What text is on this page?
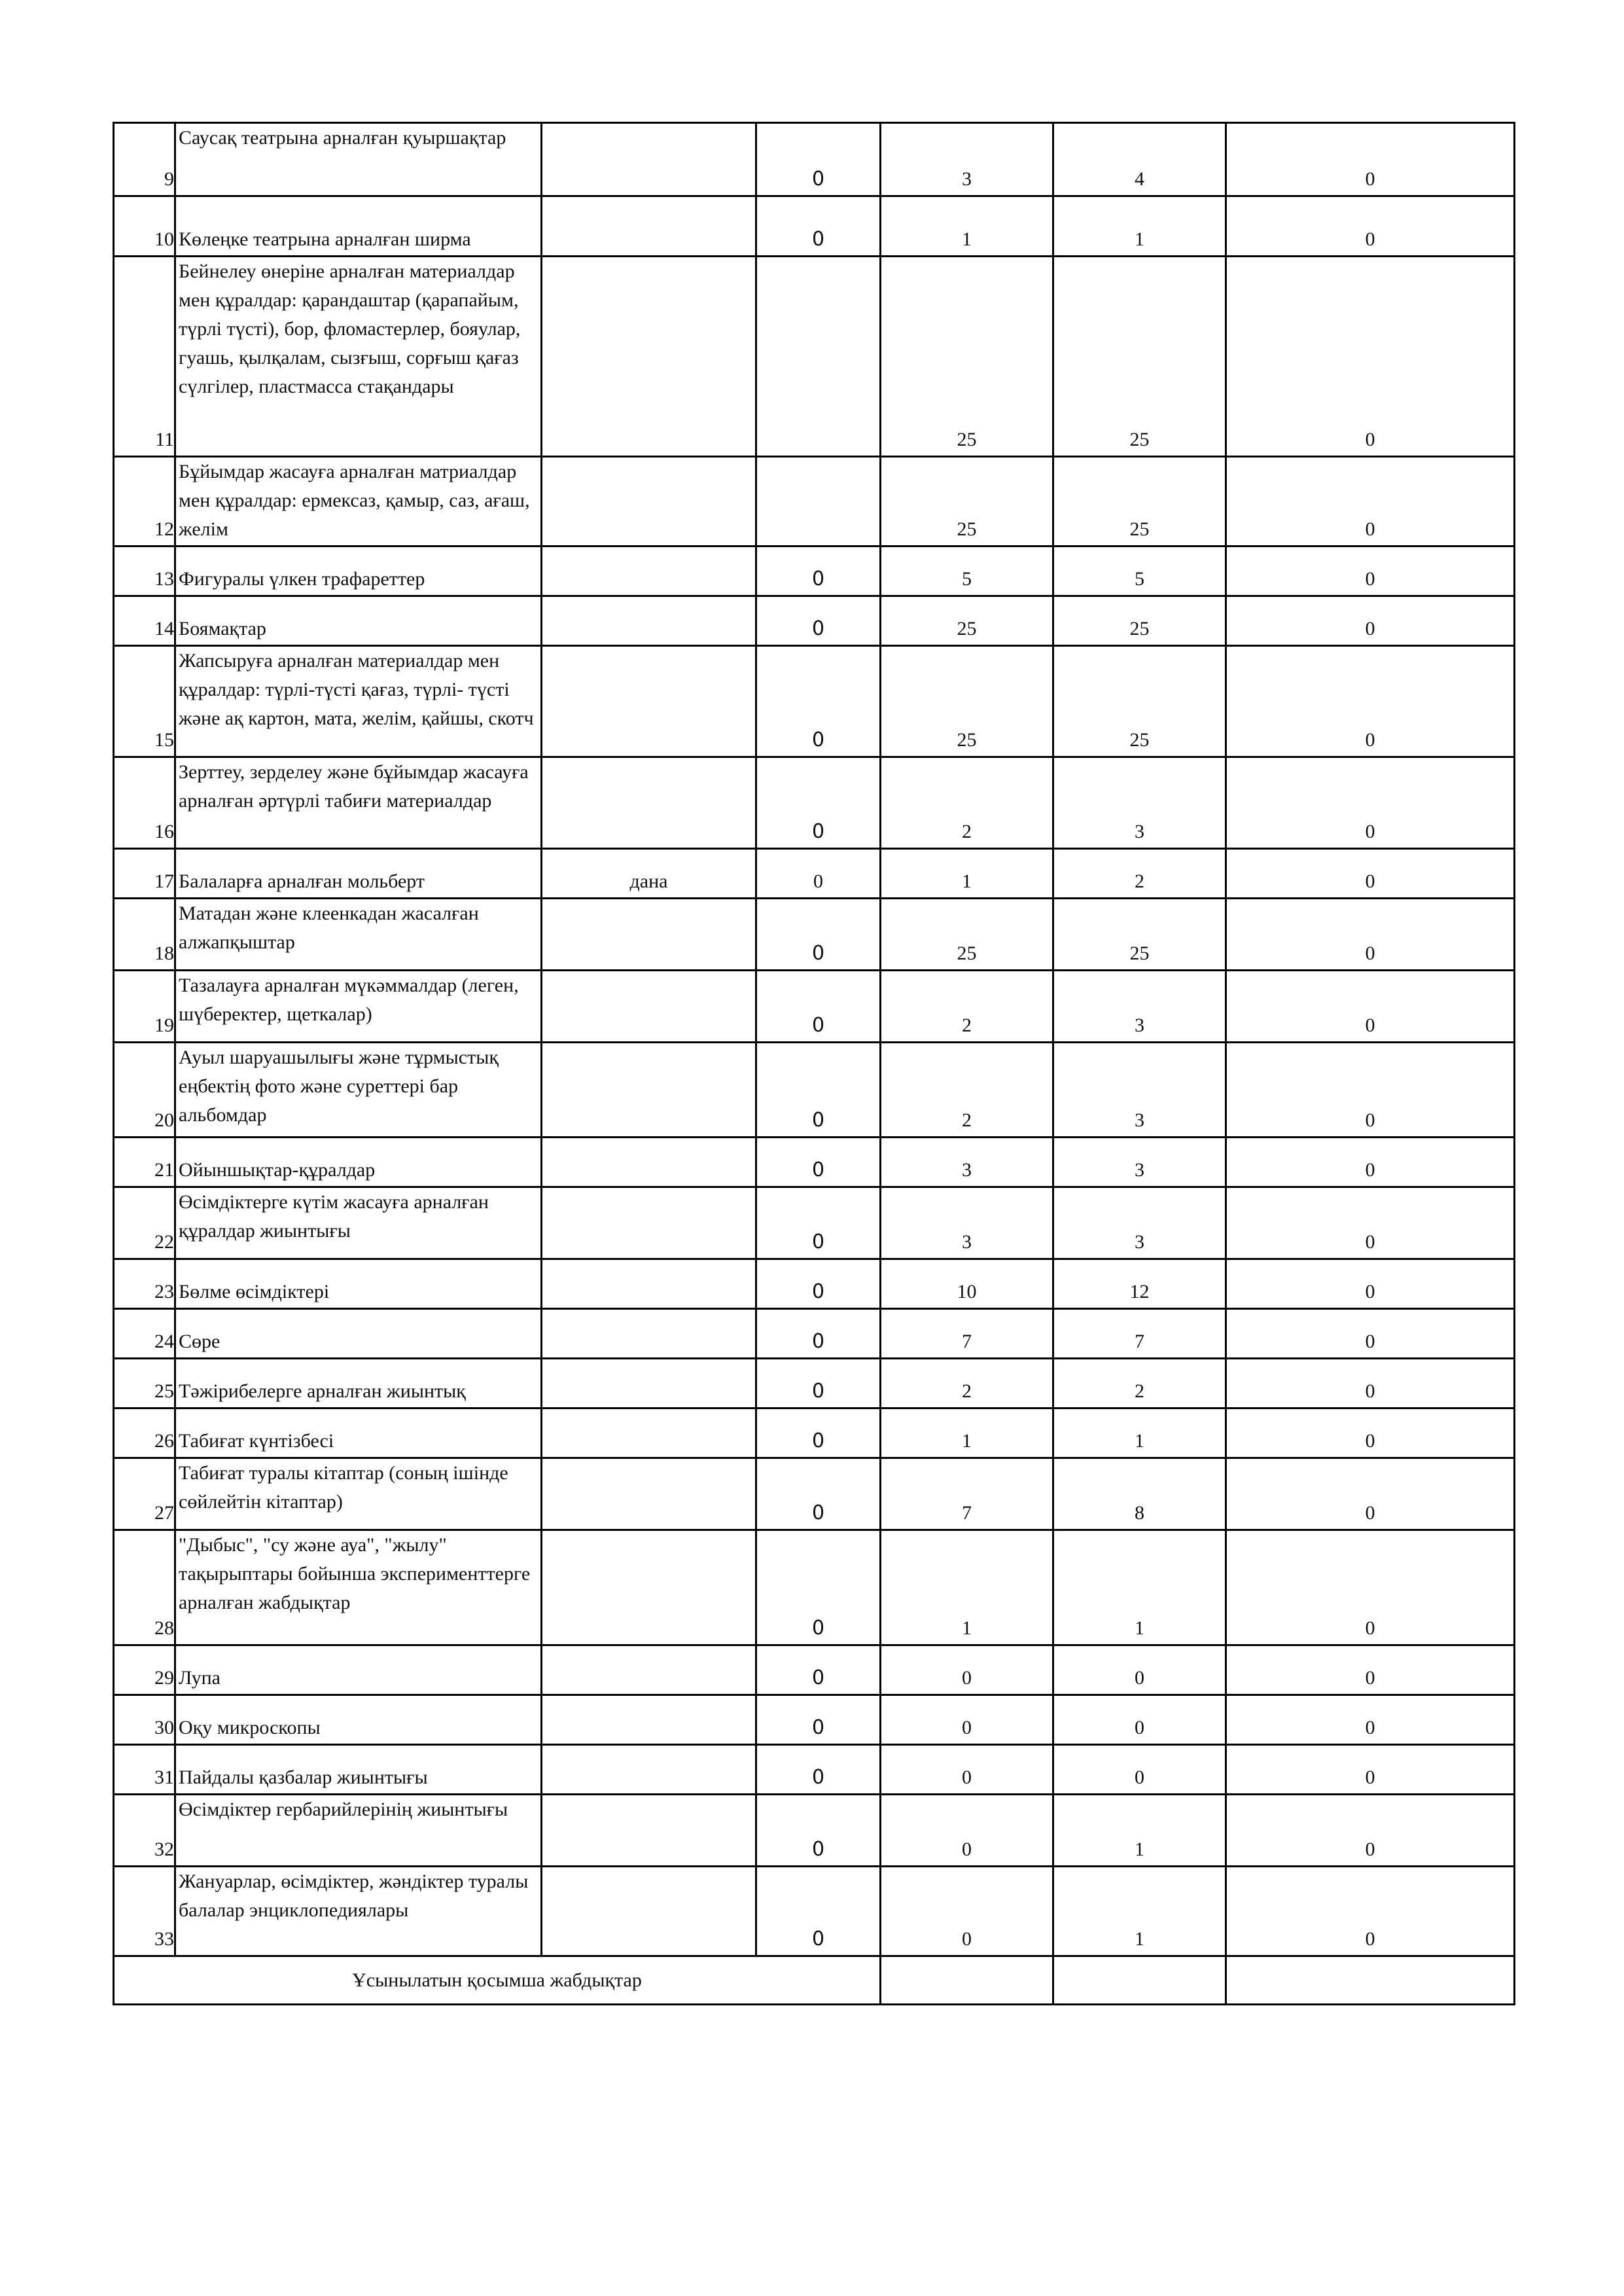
9	Саусақ театрына арналған қуыршақтар		0	3	4	0
10	Көлеңке театрына арналған ширма		0	1	1	0
11	Бейнелеу өнеріне арналған материалдар мен құралдар: қарандаштар (қарапайым, түрлі түсті), бор, фломастерлер, бояулар, гуашь, қылқалам, сызғыш, сорғыш қағаз сүлгілер, пластмасса стақандары			25	25	0
12	Бұйымдар жасауға арналған матриалдар мен құралдар: ермексаз, қамыр, саз, ағаш, желім			25	25	0
13	Фигуралы үлкен трафареттер		0	5	5	0
14	Боямақтар		0	25	25	0
15	Жапсыруға арналған материалдар мен құралдар: түрлі-түсті қағаз, түрлі- түсті және ақ картон, мата, желім, қайшы, скотч		0	25	25	0
16	Зерттеу, зерделеу және бұйымдар жасауға арналған әртүрлі табиғи материалдар		0	2	3	0
17	Балаларға арналған мольберт	дана	0	1	2	0
18	Матадан және клеенкадан жасалған алжапқыштар		0	25	25	0
19	Тазалауға арналған мүкәммалдар (леген, шүберектер, щеткалар)		0	2	3	0
20	Ауыл шаруашылығы және тұрмыстық еңбектің фото және суреттері бар альбомдар		0	2	3	0
21	Ойыншықтар-құралдар		0	3	3	0
22	Өсімдіктерге күтім жасауға арналған құралдар жиынтығы		0	3	3	0
23	Бөлме өсімдіктері		0	10	12	0
24	Сөре		0	7	7	0
25	Тәжірибелерге арналған жиынтық		0	2	2	0
26	Табиғат күнтізбесі		0	1	1	0
27	Табиғат туралы кітаптар (соның ішінде сөйлейтін кітаптар)		0	7	8	0
28	"Дыбыс", "су және ауа", "жылу" тақырыптары бойынша эксперименттерге арналған жабдықтар		0	1	1	0
29	Лупа		0	0	0	0
30	Оқу микроскопы		0	0	0	0
31	Пайдалы қазбалар жиынтығы		0	0	0	0
32	Өсімдіктер гербарийлерінің жиынтығы		0	0	1	0
33	Жануарлар, өсімдіктер, жәндіктер туралы балалар энциклопедиялары		0	0	1	0
Ұсынылатын қосымша жабдықтар						
